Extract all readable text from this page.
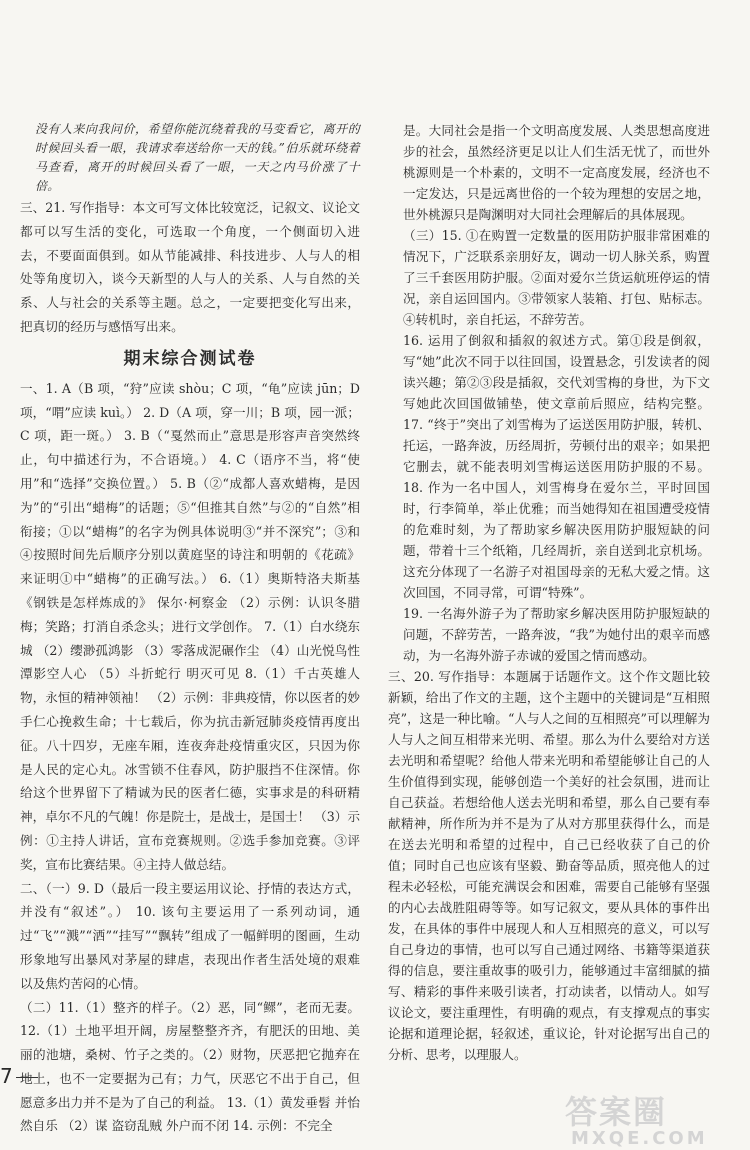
没有人来向我问价，希望你能沉绕着我的马变看它，离开的时候回头看一眼，我请求奉送给你一天的钱。”伯乐就环绕着马查看，离开的时候回头看了一眼，一天之内马价涨了十倍。

三、21. 写作指导：本文可写文体比较宽泛，记叙文、议论文都可以写生活的变化，可选取一个角度，一个侧面切入进去，不要面面俱到。如从节能减排、科技进步、人与人的相处等角度切入，谈今天新型的人与人的关系、人与自然的关系、人与社会的关系等主题。总之，一定要把变化写出来，把真切的经历与感悟写出来。

期末综合测试卷

一、1. A（B 项，“狩”应读 shòu；C 项，“龟”应读 jūn；D 项，“喟”应读 kuì。） 2. D（A 项，穿一川；B 项，园一派；C 项，距一斑。） 3. B（“戛然而止”意思是形容声音突然终止，句中描述行为，不合语境。） 4. C（语序不当，将“使用”和“选择”交换位置。） 5. B（②“成都人喜欢蜡梅，是因为”的“引出“蜡梅”的话题；⑤“但推其自然”与②的“自然”相衔接；①以“蜡梅”的名字为例具体说明③“并不深究”；③和④按照时间先后顺序分别以黄庭坚的诗注和明朝的《花疏》来证明①中“蜡梅”的正确写法。） 6.（1）奥斯特洛夫斯基 《钢铁是怎样炼成的》 保尔·柯察金 （2）示例：认识冬腊梅；笑路；打消自杀念头；进行文学创作。 7.（1）白水绕东城 （2）缨渺孤鸿影 （3）零落成泥碾作尘 （4）山光悦鸟性 潭影空人心 （5）斗折蛇行 明灭可见 8.（1）千古英雄人物，永恒的精神领袖！ （2）示例：非典疫情，你以医者的妙手仁心挽救生命；十七载后，你为抗击新冠肺炎疫情再度出征。八十四岁，无座车厢，连夜奔赴疫情重灾区，只因为你是人民的定心丸。冰雪锁不住春风，防护服挡不住深情。你给这个世界留下了精诚为民的医者仁德，实事求是的科研精神，卓尔不凡的气魄！你是院士，是战士，是国士！ （3）示例：①主持人讲话，宣布竞赛规则。②选手参加竞赛。③评奖，宣布比赛结果。④主持人做总结。

二、（一）9. D（最后一段主要运用议论、抒情的表达方式，并没有“叙述”。） 10. 该句主要运用了一系列动词，通过“飞”“溅”“洒”“挂写”“飘转”组成了一幅鲜明的图画，生动形象地写出暴风对茅屋的肆虐，表现出作者生活处境的艰难以及焦灼苦闷的心情。

（二）11.（1）整齐的样子。（2）恶，同“鳏”，老而无妻。 12.（1）土地平坦开阔，房屋整整齐齐，有肥沃的田地、美丽的池塘，桑树、竹子之类的。（2）财物，厌恶把它抛弃在地上，也不一定要据为己有；力气，厌恶它不出于自己，但愿意多出力并不是为了自己的利益。 13.（1）黄发垂髫 并怡然自乐 （2）谋 盗窃乱贼 外户而不闭 14. 示例：不完全

是。大同社会是指一个文明高度发展、人类思想高度进步的社会，虽然经济更足以让人们生活无忧了，而世外桃源则是一个朴素的，文明不一定高度发展，经济也不一定发达，只是远离世俗的一个较为理想的安居之地，世外桃源只是陶渊明对大同社会理解后的具体展现。

（三）15. ①在购置一定数量的医用防护服非常困难的情况下，广泛联系亲朋好友，调动一切人脉关系，购置了三千套医用防护服。②面对爱尔兰货运航班停运的情况，亲自运回国内。③带领家人装箱、打包、贴标志。④转机时，亲自托运，不辞劳苦。

16. 运用了倒叙和插叙的叙述方式。第①段是倒叙，写“她”此次不同于以往回国，设置悬念，引发读者的阅读兴趣；第②③段是插叙，交代刘雪梅的身世，为下文写她此次回国做铺垫，使文章前后照应，结构完整。 17. “终于”突出了刘雪梅为了运送医用防护服，转机、托运，一路奔波，历经周折，劳顿付出的艰辛；如果把它删去，就不能表明刘雪梅运送医用防护服的不易。 18. 作为一名中国人，刘雪梅身在爱尔兰，平时回国时，行李简单，举止优雅；而当她得知在祖国遭受疫情的危难时刻，为了帮助家乡解决医用防护服短缺的问题，带着十三个纸箱，几经周折，亲自送到北京机场。这充分体现了一名游子对祖国母亲的无私大爱之情。这次回国，不同寻常，可谓“特殊”。

19. 一名海外游子为了帮助家乡解决医用防护服短缺的问题，不辞劳苦，一路奔波，“我”为她付出的艰辛而感动，为一名海外游子赤诚的爱国之情而感动。

三、20. 写作指导：本题属于话题作文。这个作文题比较新颖，给出了作文的主题，这个主题中的关键词是“互相照亮”，这是一种比喻。“人与人之间的互相照亮”可以理解为人与人之间互相带来光明、希望。那么为什么要给对方送去光明和希望呢？给他人带来光明和希望能够让自己的人生价值得到实现，能够创造一个美好的社会氛围，进而让自己获益。若想给他人送去光明和希望，那么自己要有奉献精神，所作所为并不是为了从对方那里获得什么，而是在送去光明和希望的过程中，自己已经收获了自己的价值；同时自己也应该有坚毅、勤奋等品质，照亮他人的过程未必轻松，可能充满误会和困难，需要自己能够有坚强的内心去战胜阻碍等等。如写记叙文，要从具体的事件出发，在具体的事件中展现人和人互相照亮的意义，可以写自己身边的事情，也可以写自己通过网络、书籍等渠道获得的信息，要注重故事的吸引力，能够通过丰富细腻的描写、精彩的事件来吸引读者，打动读者，以情动人。如写议论文，要注重理性，有明确的观点，有支撑观点的事实论据和道理论据，轻叙述，重议论，针对论据写出自己的分析、思考，以理服人。

7
答案圈
MXQE.COM
